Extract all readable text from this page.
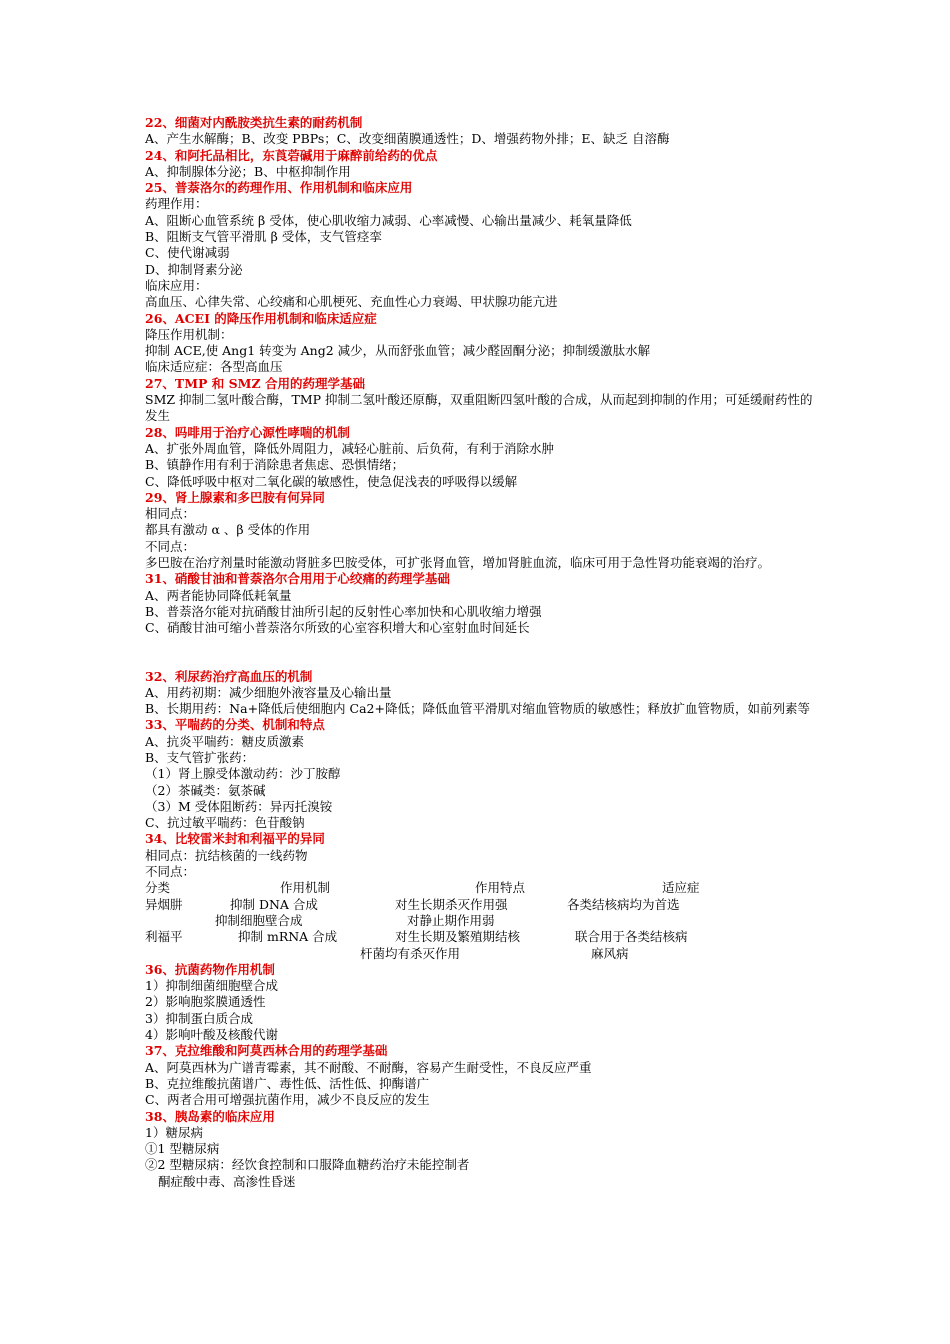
22、细菌对内酰胺类抗生素的耐药机制

A、产生水解酶；B、改变 PBPs；C、改变细菌膜通透性；D、增强药物外排；E、缺乏 自溶酶

24、和阿托品相比，东莨菪碱用于麻醉前给药的优点

A、抑制腺体分泌；B、中枢抑制作用

25、普萘洛尔的药理作用、作用机制和临床应用

药理作用：

A、阻断心血管系统 β 受体，使心肌收缩力减弱、心率减慢、心输出量减少、耗氧量降低

B、阻断支气管平滑肌 β 受体，支气管痉挛

C、使代谢减弱

D、抑制肾素分泌

临床应用：

高血压、心律失常、心绞痛和心肌梗死、充血性心力衰竭、甲状腺功能亢进

26、ACEI 的降压作用机制和临床适应症

降压作用机制：

抑制 ACE,使 Ang1 转变为 Ang2 减少，从而舒张血管；减少醛固酮分泌；抑制缓激肽水解

临床适应症：各型高血压

27、TMP 和 SMZ 合用的药理学基础

SMZ 抑制二氢叶酸合酶，TMP 抑制二氢叶酸还原酶，双重阻断四氢叶酸的合成，从而起到抑制的作用；可延缓耐药性的发生

28、吗啡用于治疗心源性哮喘的机制

A、扩张外周血管，降低外周阻力，减轻心脏前、后负荷，有利于消除水肿

B、镇静作用有利于消除患者焦虑、恐惧情绪；

C、降低呼吸中枢对二氧化碳的敏感性，使急促浅表的呼吸得以缓解

29、肾上腺素和多巴胺有何异同

相同点：

都具有激动 α 、β 受体的作用

不同点：

多巴胺在治疗剂量时能激动肾脏多巴胺受体，可扩张肾血管，增加肾脏血流，临床可用于急性肾功能衰竭的治疗。

31、硝酸甘油和普萘洛尔合用用于心绞痛的药理学基础

A、两者能协同降低耗氧量

B、普萘洛尔能对抗硝酸甘油所引起的反射性心率加快和心肌收缩力增强

C、硝酸甘油可缩小普萘洛尔所致的心室容积增大和心室射血时间延长

32、利尿药治疗高血压的机制

A、用药初期：减少细胞外液容量及心输出量

B、长期用药：Na+降低后使细胞内 Ca2+降低；降低血管平滑肌对缩血管物质的敏感性；释放扩血管物质，如前列素等

33、平喘药的分类、机制和特点

A、抗炎平喘药：糖皮质激素

B、支气管扩张药：

（1）肾上腺受体激动药：沙丁胺醇

（2）茶碱类：氨茶碱

（3）M 受体阻断药：异丙托溴铵

C、抗过敏平喘药：色苷酸钠

34、比较雷米封和利福平的异同

相同点：抗结核菌的一线药物

不同点：

分类	作用机制	作用特点	适应症
异烟肼	抑制 DNA 合成	对生长期杀灭作用强	各类结核病均为首选
抑制细胞壁合成	对静止期作用弱
利福平	抑制 mRNA 合成	对生长期及繁殖期结核	联合用于各类结核病
杆菌均有杀灭作用	麻风病

36、抗菌药物作用机制

1）抑制细菌细胞壁合成

2）影响胞浆膜通透性

3）抑制蛋白质合成

4）影响叶酸及核酸代谢

37、克拉维酸和阿莫西林合用的药理学基础

A、阿莫西林为广谱青霉素，其不耐酸、不耐酶，容易产生耐受性，不良反应严重

B、克拉维酸抗菌谱广、毒性低、活性低、抑酶谱广

C、两者合用可增强抗菌作用，减少不良反应的发生

38、胰岛素的临床应用

1）糖尿病

①1 型糖尿病

②2 型糖尿病：经饮食控制和口服降血糖药治疗未能控制者

酮症酸中毒、高渗性昏迷
